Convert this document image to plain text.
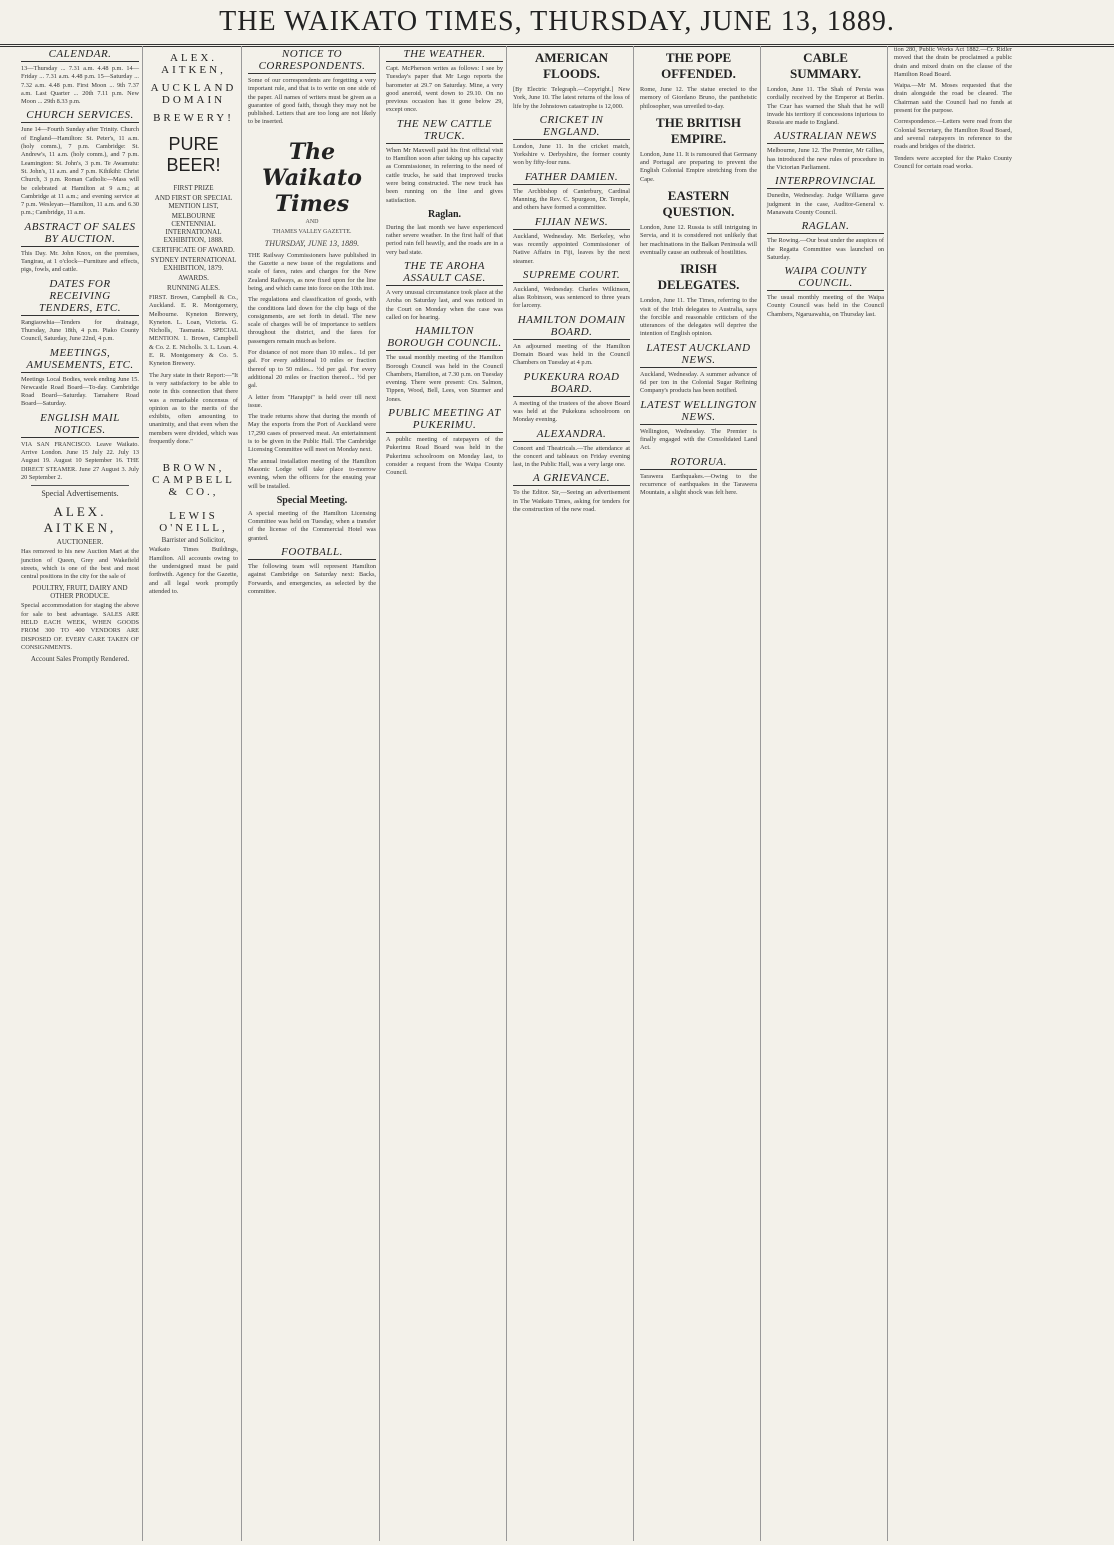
THE WAIKATO TIMES, THURSDAY, JUNE 13, 1889.
CALENDAR.
13—Thursday ... 7.31 a.m. 4.48 p.m. 14—Friday ... 7.31 a.m. 4.48 p.m. 15—Saturday ... 7.32 a.m. 4.48 p.m. First Moon ... 9th 7.37 a.m. Last Quarter ... 20th 7.11 p.m. New Moon ... 29th 8.33 p.m.
CHURCH SERVICES.
June 14—Fourth Sunday after Trinity. Church of England—Hamilton: St. Peter's, 11 a.m. (holy comm.), 7 p.m. Cambridge: St. Andrew's, 11 a.m. (holy comm.), and 7 p.m. Leamington: St. John's, 3 p.m. Te Awamutu: St. John's, 11 a.m. and 7 p.m. Kihikihi: Christ Church, 3 p.m. Roman Catholic—Mass will be celebrated at Hamilton at 9 a.m.; at Cambridge at 11 a.m.; and evening service at 7 p.m. Wesleyan—Hamilton, 11 a.m. and 6.30 p.m.; Cambridge, 11 a.m.
ABSTRACT OF SALES BY AUCTION.
This Day. Mr. John Knox, on the premises, Tangirau, at 1 o'clock—Furniture and effects, pigs, fowls, and cattle.
DATES FOR RECEIVING TENDERS, ETC.
Rangiaowhia—Tenders for drainage, Thursday, June 18th, 4 p.m. Piako County Council, Saturday, June 22nd, 4 p.m.
MEETINGS, AMUSEMENTS, ETC.
Meetings Local Bodies, week ending June 15. Newcastle Road Board—To-day. Cambridge Road Board—Saturday. Tamahere Road Board—Saturday.
ENGLISH MAIL NOTICES.
VIA SAN FRANCISCO. Leave Waikato. Arrive London. June 15 July 22. July 13 August 19. August 10 September 16. THE DIRECT STEAMER. June 27 August 3. July 20 September 2.
Special Advertisements.
ALEX. AITKEN,
AUCTIONEER.
Has removed to his new Auction Mart at the junction of Queen, Grey and Wakefield streets, which is one of the best and most central positions in the city for the sale of
POULTRY, FRUIT, DAIRY AND OTHER PRODUCE.
Special accommodation for staging the above for sale to best advantage. SALES ARE HELD EACH WEEK, WHEN GOODS FROM 300 TO 400 VENDORS ARE DISPOSED OF. EVERY CARE TAKEN OF CONSIGNMENTS.
Account Sales Promptly Rendered.
ALEX. AITKEN,
AUCKLAND DOMAIN
BREWERY!
PURE BEER!
FIRST PRIZE
AND FIRST OR SPECIAL MENTION LIST,
MELBOURNE CENTENNIAL INTERNATIONAL EXHIBITION, 1888.
CERTIFICATE OF AWARD.
SYDNEY INTERNATIONAL EXHIBITION, 1879.
AWARDS.
RUNNING ALES.
FIRST. Brown, Campbell & Co., Auckland. E. R. Montgomery, Melbourne. Kyneton Brewery, Kyneton. L. Loan, Victoria. G. Nicholls, Tasmania. SPECIAL MENTION. 1. Brown, Campbell & Co. 2. E. Nicholls. 3. L. Loan. 4. E. R. Montgomery & Co. 5. Kyneton Brewery.
The Jury state in their Report:—"It is very satisfactory to be able to note in this connection that there was a remarkable concensus of opinion as to the merits of the exhibits, often amounting to unanimity, and that even when the members were divided, which was frequently done."
BROWN, CAMPBELL & CO.,
LEWIS O'NEILL,
Barrister and Solicitor,
Waikato Times Buildings, Hamilton. All accounts owing to the undersigned must be paid forthwith. Agency for the Gazette, and all legal work promptly attended to.
NOTICE TO CORRESPONDENTS.
Some of our correspondents are forgetting a very important rule, and that is to write on one side of the paper. All names of writers must be given as a guarantee of good faith, though they may not be published. Letters that are too long are not likely to be inserted.
The Waikato Times
AND
THAMES VALLEY GAZETTE.
THURSDAY, JUNE 13, 1889.
THE Railway Commissioners have published in the Gazette a new issue of the regulations and scale of fares, rates and charges for the New Zealand Railways, as now fixed upon for the line being, and which came into force on the 10th inst.
The regulations and classification of goods, with the conditions laid down for the clip bags of the consignments, are set forth in detail. The new scale of charges will be of importance to settlers throughout the district, and the fares for passengers remain much as before.
For distance of not more than 10 miles... 1d per gal. For every additional 10 miles or fraction thereof up to 50 miles... ½d per gal. For every additional 20 miles or fraction thereof... ½d per gal.
A letter from "Harapipi" is held over till next issue.
The trade returns show that during the month of May the exports from the Port of Auckland were 17,290 cases of preserved meat. An entertainment is to be given in the Public Hall. The Cambridge Licensing Committee will meet on Monday next.
The annual installation meeting of the Hamilton Masonic Lodge will take place to-morrow evening, when the officers for the ensuing year will be installed.
Special Meeting.
A special meeting of the Hamilton Licensing Committee was held on Tuesday, when a transfer of the license of the Commercial Hotel was granted.
FOOTBALL.
The following team will represent Hamilton against Cambridge on Saturday next: Backs, Forwards, and emergencies, as selected by the committee.
THE WEATHER.
Capt. McPherson writes as follows: I see by Tuesday's paper that Mr Lego reports the barometer at 29.7 on Saturday. Mine, a very good aneroid, went down to 29.10. On no previous occasion has it gone below 29, except once.
THE NEW CATTLE TRUCK.
When Mr Maxwell paid his first official visit to Hamilton soon after taking up his capacity as Commissioner, in referring to the need of cattle trucks, he said that improved trucks were being constructed. The new truck has been running on the line and gives satisfaction.
Raglan.
During the last month we have experienced rather severe weather. In the first half of that period rain fell heavily, and the roads are in a very bad state.
THE TE AROHA ASSAULT CASE.
A very unusual circumstance took place at the Aroha on Saturday last, and was noticed in the Court on Monday when the case was called on for hearing.
HAMILTON BOROUGH COUNCIL.
The usual monthly meeting of the Hamilton Borough Council was held in the Council Chambers, Hamilton, at 7.30 p.m. on Tuesday evening. There were present: Crs. Salmon, Tippen, Wood, Bell, Lees, von Sturmer and Jones.
PUBLIC MEETING AT PUKERIMU.
A public meeting of ratepayers of the Pukerimu Road Board was held in the Pukerimu schoolroom on Monday last, to consider a request from the Waipa County Council.
AMERICAN FLOODS.
[By Electric Telegraph.—Copyright.] New York, June 10. The latest returns of the loss of life by the Johnstown catastrophe is 12,000.
CRICKET IN ENGLAND.
London, June 11. In the cricket match, Yorkshire v. Derbyshire, the former county won by fifty-four runs.
FATHER DAMIEN.
The Archbishop of Canterbury, Cardinal Manning, the Rev. C. Spurgeon, Dr. Temple, and others have formed a committee.
FIJIAN NEWS.
Auckland, Wednesday. Mr. Berkeley, who was recently appointed Commissioner of Native Affairs in Fiji, leaves by the next steamer.
SUPREME COURT.
Auckland, Wednesday. Charles Wilkinson, alias Robinson, was sentenced to three years for larceny.
HAMILTON DOMAIN BOARD.
An adjourned meeting of the Hamilton Domain Board was held in the Council Chambers on Tuesday at 4 p.m.
PUKEKURA ROAD BOARD.
A meeting of the trustees of the above Board was held at the Pukekura schoolroom on Monday evening.
ALEXANDRA.
Concert and Theatricals.—The attendance at the concert and tableaux on Friday evening last, in the Public Hall, was a very large one.
A GRIEVANCE.
To the Editor. Sir,—Seeing an advertisement in The Waikato Times, asking for tenders for the construction of the new road.
THE POPE OFFENDED.
Rome, June 12. The statue erected to the memory of Giordano Bruno, the pantheistic philosopher, was unveiled to-day.
THE BRITISH EMPIRE.
London, June 11. It is rumoured that Germany and Portugal are preparing to prevent the English Colonial Empire stretching from the Cape.
EASTERN QUESTION.
London, June 12. Russia is still intriguing in Servia, and it is considered not unlikely that her machinations in the Balkan Peninsula will eventually cause an outbreak of hostilities.
IRISH DELEGATES.
London, June 11. The Times, referring to the visit of the Irish delegates to Australia, says the forcible and reasonable criticism of the utterances of the delegates will deprive the intention of English opinion.
LATEST AUCKLAND NEWS.
Auckland, Wednesday. A summer advance of 6d per ton in the Colonial Sugar Refining Company's products has been notified.
LATEST WELLINGTON NEWS.
Wellington, Wednesday. The Premier is finally engaged with the Consolidated Land Act.
ROTORUA.
Tarawera Earthquakes.—Owing to the recurrence of earthquakes in the Tarawera Mountain, a slight shock was felt here.
CABLE SUMMARY.
London, June 11. The Shah of Persia was cordially received by the Emperor at Berlin. The Czar has warned the Shah that he will invade his territory if concessions injurious to Russia are made to England.
AUSTRALIAN NEWS
Melbourne, June 12. The Premier, Mr Gillies, has introduced the new rules of procedure in the Victorian Parliament.
INTERPROVINCIAL
Dunedin, Wednesday. Judge Williams gave judgment in the case, Auditor-General v. Manawatu County Council.
RAGLAN.
The Rowing.—Our boat under the auspices of the Regatta Committee was launched on Saturday.
WAIPA COUNTY COUNCIL.
The usual monthly meeting of the Waipa County Council was held in the Council Chambers, Ngaruawahia, on Thursday last.
tion 280, Public Works Act 1882.—Cr. Ridler moved that the drain be proclaimed a public drain and mixed drain on the clause of the Hamilton Road Board.
Waipa.—Mr M. Moses requested that the drain alongside the road be cleared. The Chairman said the Council had no funds at present for the purpose.
Correspondence.—Letters were read from the Colonial Secretary, the Hamilton Road Board, and several ratepayers in reference to the roads and bridges of the district.
Tenders were accepted for the Piako County Council for certain road works.
